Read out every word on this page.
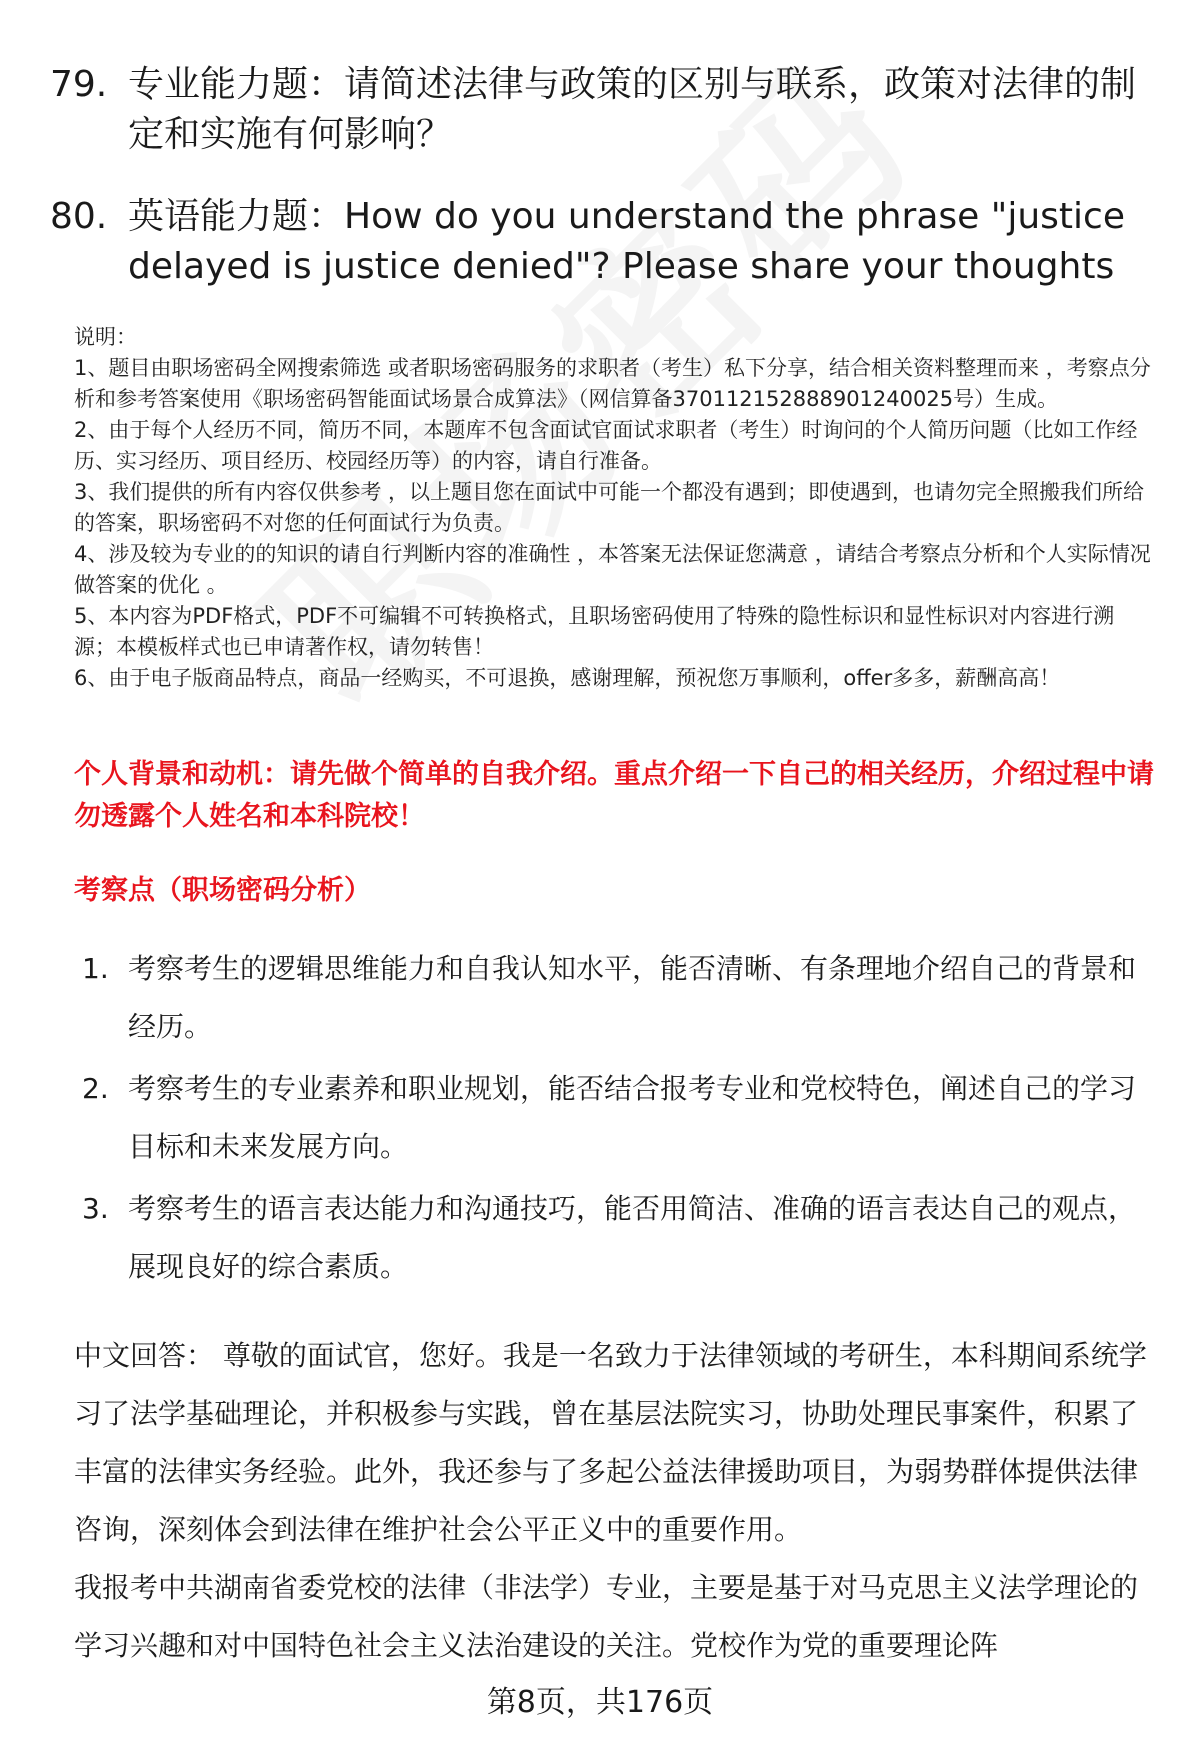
79. 专业能力题：请简述法律与政策的区别与联系，政策对法律的制定和实施有何影响？
80. 英语能力题：How do you understand the phrase "justice delayed is justice denied"? Please share your thoughts

说明：

1、题目由职场密码全网搜索筛选 或者职场密码服务的求职者（考生）私下分享，结合相关资料整理而来 ，考察点分析和参考答案使用《职场密码智能面试场景合成算法》（网信算备370112152888901240025号）生成。

2、由于每个人经历不同，简历不同，本题库不包含面试官面试求职者（考生）时询问的个人简历问题（比如工作经历、实习经历、项目经历、校园经历等）的内容，请自行准备。

3、我们提供的所有内容仅供参考 ，以上题目您在面试中可能一个都没有遇到；即使遇到，也请勿完全照搬我们所给的答案，职场密码不对您的任何面试行为负责。

4、涉及较为专业的的知识的请自行判断内容的准确性 ，本答案无法保证您满意 ，请结合考察点分析和个人实际情况做答案的优化 。

5、本内容为PDF格式，PDF不可编辑不可转换格式，且职场密码使用了特殊的隐性标识和显性标识对内容进行溯源；本模板样式也已申请著作权，请勿转售！

6、由于电子版商品特点，商品一经购买，不可退换，感谢理解，预祝您万事顺利，offer多多，薪酬高高！

个人背景和动机：请先做个简单的自我介绍。重点介绍一下自己的相关经历，介绍过程中请勿透露个人姓名和本科院校！
考察点（职场密码分析）
1. 考察考生的逻辑思维能力和自我认知水平，能否清晰、有条理地介绍自己的背景和经历。
2. 考察考生的专业素养和职业规划，能否结合报考专业和党校特色，阐述自己的学习目标和未来发展方向。
3. 考察考生的语言表达能力和沟通技巧，能否用简洁、准确的语言表达自己的观点，展现良好的综合素质。

中文回答： 尊敬的面试官，您好。我是一名致力于法律领域的考研生，本科期间系统学习了法学基础理论，并积极参与实践，曾在基层法院实习，协助处理民事案件，积累了丰富的法律实务经验。此外，我还参与了多起公益法律援助项目，为弱势群体提供法律咨询，深刻体会到法律在维护社会公平正义中的重要作用。

我报考中共湖南省委党校的法律（非法学）专业，主要是基于对马克思主义法学理论的学习兴趣和对中国特色社会主义法治建设的关注。党校作为党的重要理论阵

第8页，共176页
